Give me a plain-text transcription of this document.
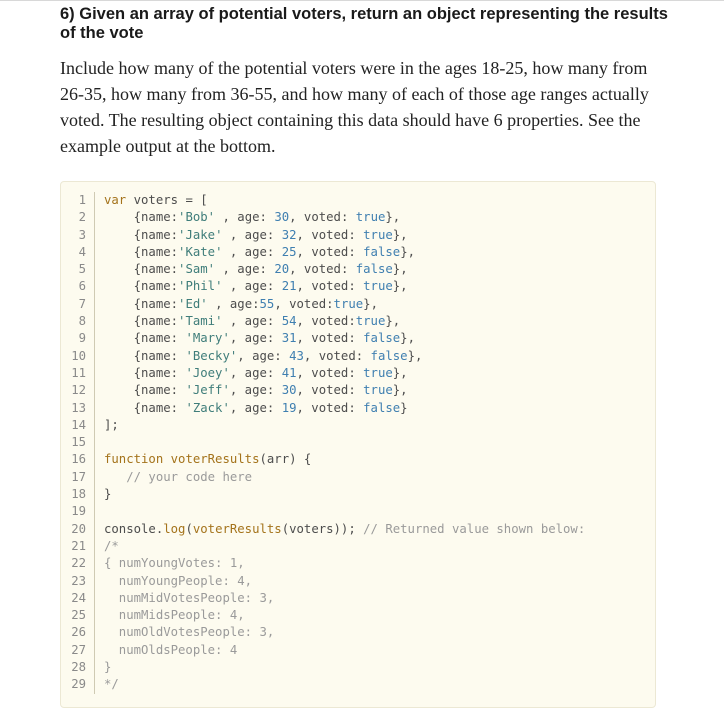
6) Given an array of potential voters, return an object representing the results of the vote

Include how many of the potential voters were in the ages 18-25, how many from 26-35, how many from 36-55, and how many of each of those age ranges actually voted. The resulting object containing this data should have 6 properties. See the example output at the bottom.

1
2
3
4
5
6
7
8
9
10
11
12
13
14
15
16
17
18
19
20
21
22
23
24
25
26
27
28
29
var voters = [
{name:'Bob' , age: 30, voted: true},
{name:'Jake' , age: 32, voted: true},
{name:'Kate' , age: 25, voted: false},
{name:'Sam' , age: 20, voted: false},
{name:'Phil' , age: 21, voted: true},
{name:'Ed' , age:55, voted:true},
{name:'Tami' , age: 54, voted:true},
{name: 'Mary', age: 31, voted: false},
{name: 'Becky', age: 43, voted: false},
{name: 'Joey', age: 41, voted: true},
{name: 'Jeff', age: 30, voted: true},
{name: 'Zack', age: 19, voted: false}
];

function voterResults(arr) {
// your code here
}

console.log(voterResults(voters)); // Returned value shown below:
/*
{ numYoungVotes: 1,
numYoungPeople: 4,
numMidVotesPeople: 3,
numMidsPeople: 4,
numOldVotesPeople: 3,
numOldsPeople: 4
}
*/
